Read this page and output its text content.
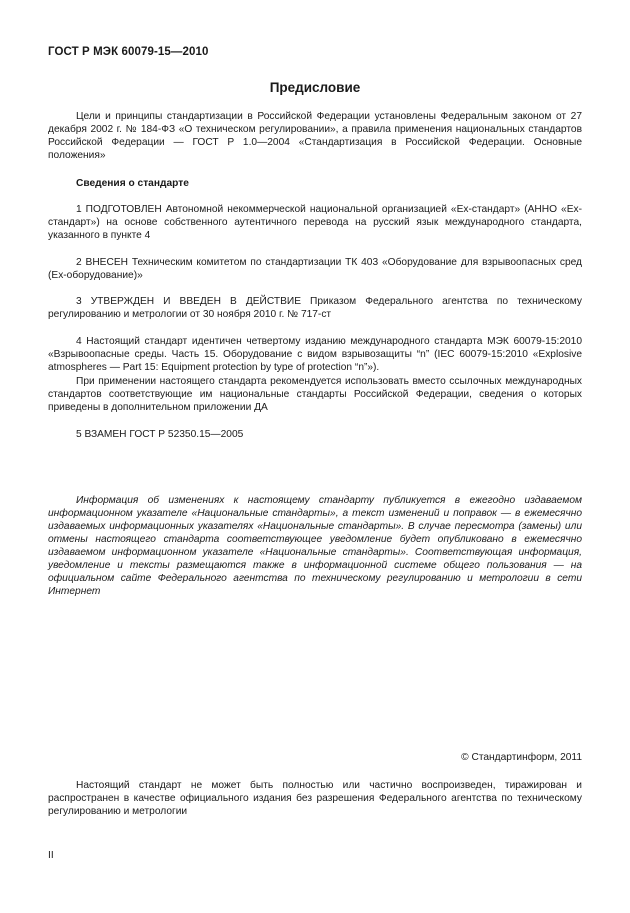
ГОСТ Р МЭК 60079-15—2010
Предисловие

Цели и принципы стандартизации в Российской Федерации установлены Федеральным законом от 27 декабря 2002 г. № 184-ФЗ «О техническом регулировании», а правила применения национальных стандартов Российской Федерации — ГОСТ Р 1.0—2004 «Стандартизация в Российской Федерации. Основные положения»

Сведения о стандарте

1 ПОДГОТОВЛЕН Автономной некоммерческой национальной организацией «Ех-стандарт» (АННО «Ех-стандарт») на основе собственного аутентичного перевода на русский язык международного стандарта, указанного в пункте 4

2 ВНЕСЕН Техническим комитетом по стандартизации ТК 403 «Оборудование для взрывоопасных сред (Ех-оборудование)»

3 УТВЕРЖДЕН И ВВЕДЕН В ДЕЙСТВИЕ Приказом Федерального агентства по техническому регулированию и метрологии от 30 ноября 2010 г. № 717-ст

4 Настоящий стандарт идентичен четвертому изданию международного стандарта МЭК 60079-15:2010 «Взрывоопасные среды. Часть 15. Оборудование с видом взрывозащиты “n” (IEC 60079-15:2010 «Explosive atmospheres — Part 15: Equipment protection by type of protection “n”»).

При применении настоящего стандарта рекомендуется использовать вместо ссылочных международных стандартов соответствующие им национальные стандарты Российской Федерации, сведения о которых приведены в дополнительном приложении ДА

5 ВЗАМЕН ГОСТ Р 52350.15—2005

Информация об изменениях к настоящему стандарту публикуется в ежегодно издаваемом информационном указателе «Национальные стандарты», а текст изменений и поправок — в ежемесячно издаваемых информационных указателях «Национальные стандарты». В случае пересмотра (замены) или отмены настоящего стандарта соответствующее уведомление будет опубликовано в ежемесячно издаваемом информационном указателе «Национальные стандарты». Соответствующая информация, уведомление и тексты размещаются также в информационной системе общего пользования — на официальном сайте Федерального агентства по техническому регулированию и метрологии в сети Интернет

© Стандартинформ, 2011

Настоящий стандарт не может быть полностью или частично воспроизведен, тиражирован и распространен в качестве официального издания без разрешения Федерального агентства по техническому регулированию и метрологии

II
